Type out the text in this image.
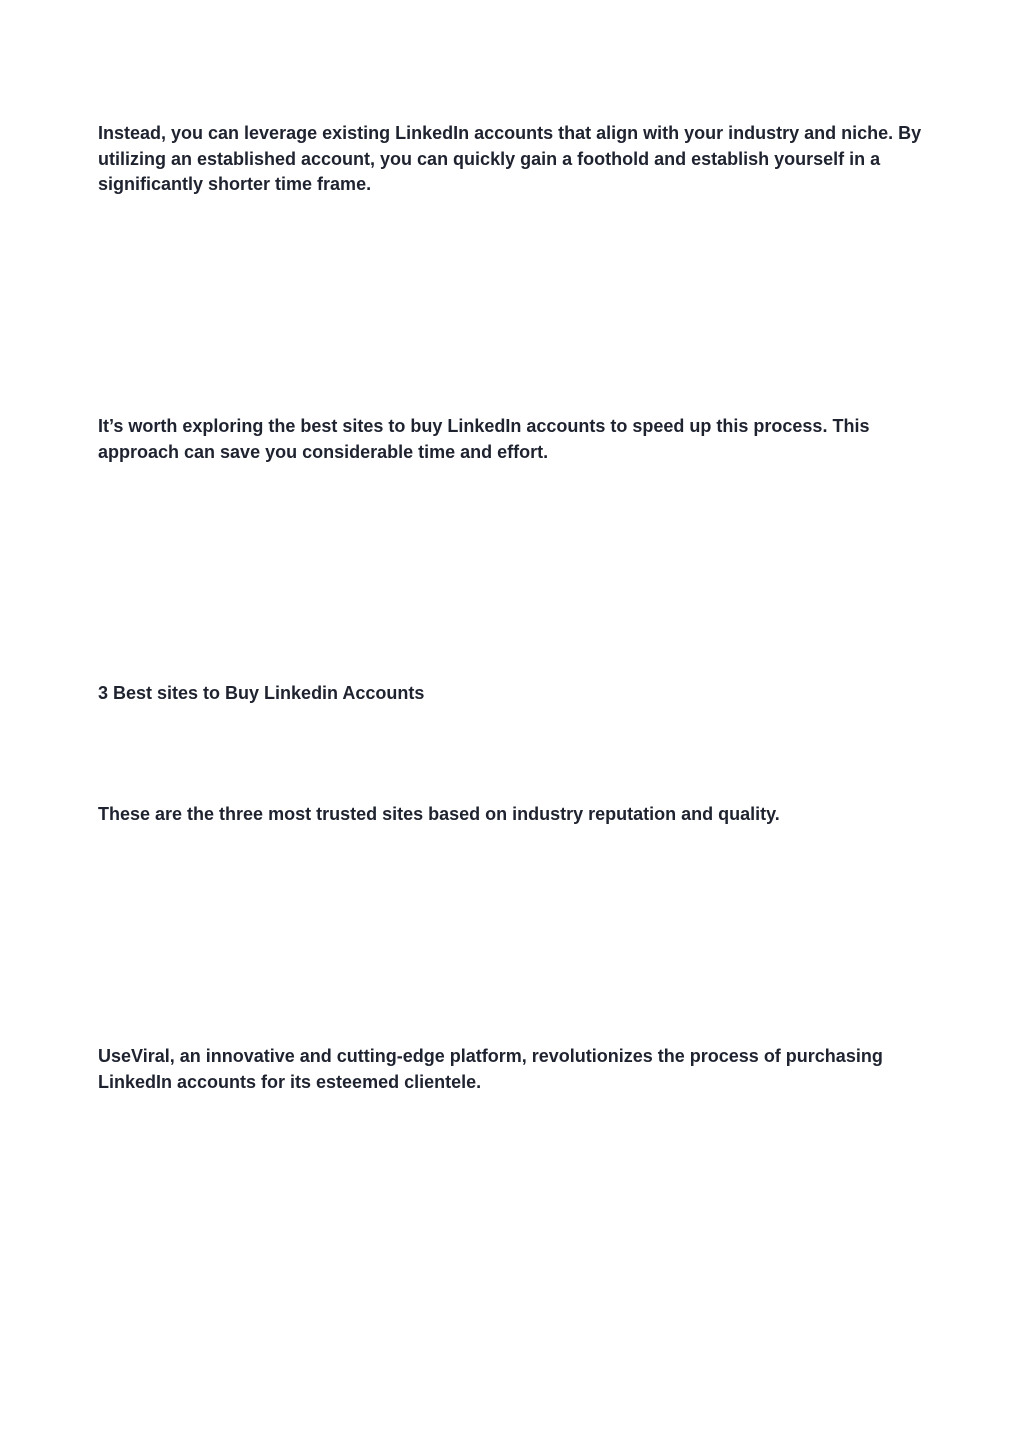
Instead, you can leverage existing LinkedIn accounts that align with your industry and niche. By utilizing an established account, you can quickly gain a foothold and establish yourself in a significantly shorter time frame.

It’s worth exploring the best sites to buy LinkedIn accounts to speed up this process. This approach can save you considerable time and effort.

3 Best sites to Buy Linkedin Accounts

These are the three most trusted sites based on industry reputation and quality.

UseViral, an innovative and cutting-edge platform, revolutionizes the process of purchasing LinkedIn accounts for its esteemed clientele.
